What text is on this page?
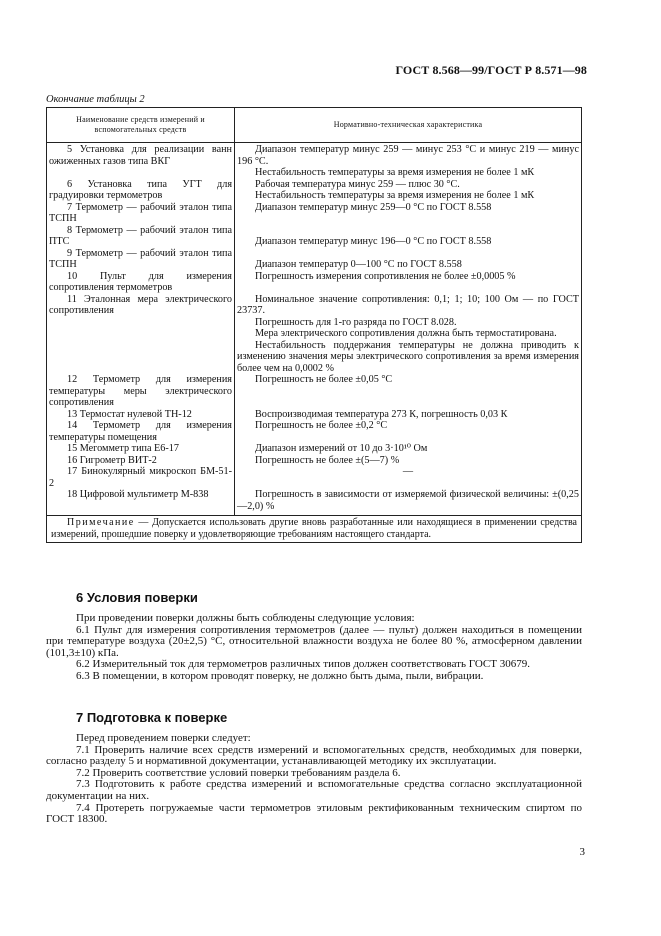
ГОСТ 8.568—99/ГОСТ Р 8.571—98
Окончание таблицы 2
Наименование средств измерений и вспомогательных средств	Нормативно-техническая характеристика

5 Установка для реализации ванн ожиженных газов типа ВКГ	Диапазон температур минус 259 — минус 253 °C и минус 219 — минус 196 °C.
Нестабильность температуры за время измерения не более 1 мК

6 Установка типа УГТ для градуировки термометров	Рабочая температура минус 259 — плюс 30 °C.
Нестабильность температуры за время измерения не более 1 мК

7 Термометр — рабочий эталон типа ТСПН	Диапазон температур минус 259—0 °C по ГОСТ 8.558

8 Термометр — рабочий эталон типа ПТС	Диапазон температур минус 196—0 °C по ГОСТ 8.558

9 Термометр — рабочий эталон типа ТСПН	Диапазон температур 0—100 °C по ГОСТ 8.558

10 Пульт для измерения сопротивления термометров	Погрешность измерения сопротивления не более ±0,0005 %

11 Эталонная мера электрического сопротивления	Номинальное значение сопротивления: 0,1; 1; 10; 100 Ом — по ГОСТ 23737.
Погрешность для 1-го разряда по ГОСТ 8.028.
Мера электрического сопротивления должна быть термостатирована.
Нестабильность поддержания температуры не должна приводить к изменению значения меры электрического сопротивления за время измерения более чем на 0,0002 %

12 Термометр для измерения температуры меры электрического сопротивления	Погрешность не более ±0,05 °C

13 Термостат нулевой ТН-12	Воспроизводимая температура 273 К, погрешность 0,03 К

14 Термометр для измерения температуры помещения	Погрешность не более ±0,2 °C

15 Мегомметр типа Е6-17	Диапазон измерений от 10 до 3·10¹⁰ Ом

16 Гигрометр ВИТ-2	Погрешность не более ±(5—7) %

17 Бинокулярный микроскоп БМ-51-2	—

18 Цифровой мультиметр М-838	Погрешность в зависимости от измеряемой физической величины: ±(0,25—2,0) %

Примечание — Допускается использовать другие вновь разработанные или находящиеся в применении средства измерений, прошедшие поверку и удовлетворяющие требованиям настоящего стандарта.	
6 Условия поверки

При проведении поверки должны быть соблюдены следующие условия:

6.1 Пульт для измерения сопротивления термометров (далее — пульт) должен находиться в помещении при температуре воздуха (20±2,5) °C, относительной влажности воздуха не более 80 %, атмосферном давлении (101,3±10) кПа.

6.2 Измерительный ток для термометров различных типов должен соответствовать ГОСТ 30679.

6.3 В помещении, в котором проводят поверку, не должно быть дыма, пыли, вибрации.

7 Подготовка к поверке

Перед проведением поверки следует:

7.1 Проверить наличие всех средств измерений и вспомогательных средств, необходимых для поверки, согласно разделу 5 и нормативной документации, устанавливающей методику их эксплуатации.

7.2 Проверить соответствие условий поверки требованиям раздела 6.

7.3 Подготовить к работе средства измерений и вспомогательные средства согласно эксплуатационной документации на них.

7.4 Протереть погружаемые части термометров этиловым ректификованным техническим спиртом по ГОСТ 18300.

3
